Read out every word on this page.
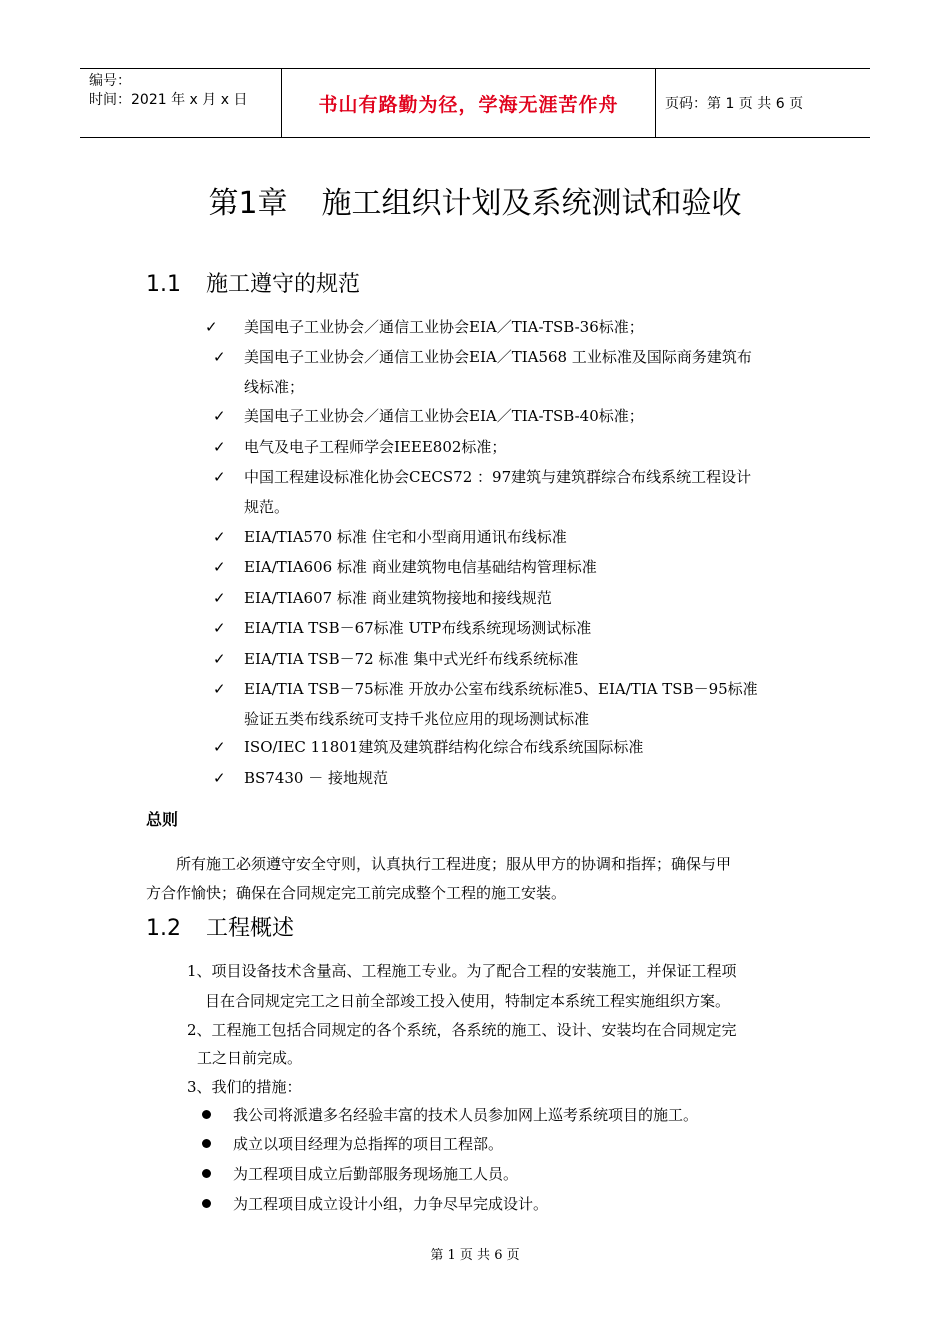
编号：
时间：2021 年 x 月 x 日	书山有路勤为径，学海无涯苦作舟	页码：第 1 页 共 6 页
第1章 施工组织计划及系统测试和验收
1.1 施工遵守的规范
✓ 美国电子工业协会／通信工业协会EIA／TIA-TSB-36标准；
✓ 美国电子工业协会／通信工业协会EIA／TIA568 工业标准及国际商务建筑布
线标准；
✓ 美国电子工业协会／通信工业协会EIA／TIA-TSB-40标准；
✓ 电气及电子工程师学会IEEE802标准；
✓ 中国工程建设标准化协会CECS72 ：97建筑与建筑群综合布线系统工程设计
规范。
✓ EIA/TIA570 标准 住宅和小型商用通讯布线标准
✓ EIA/TIA606 标准 商业建筑物电信基础结构管理标准
✓ EIA/TIA607 标准 商业建筑物接地和接线规范
✓ EIA/TIA TSB－67标准 UTP布线系统现场测试标准
✓ EIA/TIA TSB－72 标准 集中式光纤布线系统标准
✓ EIA/TIA TSB－75标准 开放办公室布线系统标准5、EIA/TIA TSB－95标准
验证五类布线系统可支持千兆位应用的现场测试标准
✓ ISO/IEC 11801建筑及建筑群结构化综合布线系统国际标准
✓ BS7430 － 接地规范
总则
所有施工必须遵守安全守则，认真执行工程进度；服从甲方的协调和指挥；确保与甲
方合作愉快；确保在合同规定完工前完成整个工程的施工安装。
1.2 工程概述
1、项目设备技术含量高、工程施工专业。为了配合工程的安装施工，并保证工程项
目在合同规定完工之日前全部竣工投入使用，特制定本系统工程实施组织方案。
2、工程施工包括合同规定的各个系统，各系统的施工、设计、安装均在合同规定完
工之日前完成。
3、我们的措施：
我公司将派遣多名经验丰富的技术人员参加网上巡考系统项目的施工。
成立以项目经理为总指挥的项目工程部。
为工程项目成立后勤部服务现场施工人员。
为工程项目成立设计小组，力争尽早完成设计。
第 1 页 共 6 页
